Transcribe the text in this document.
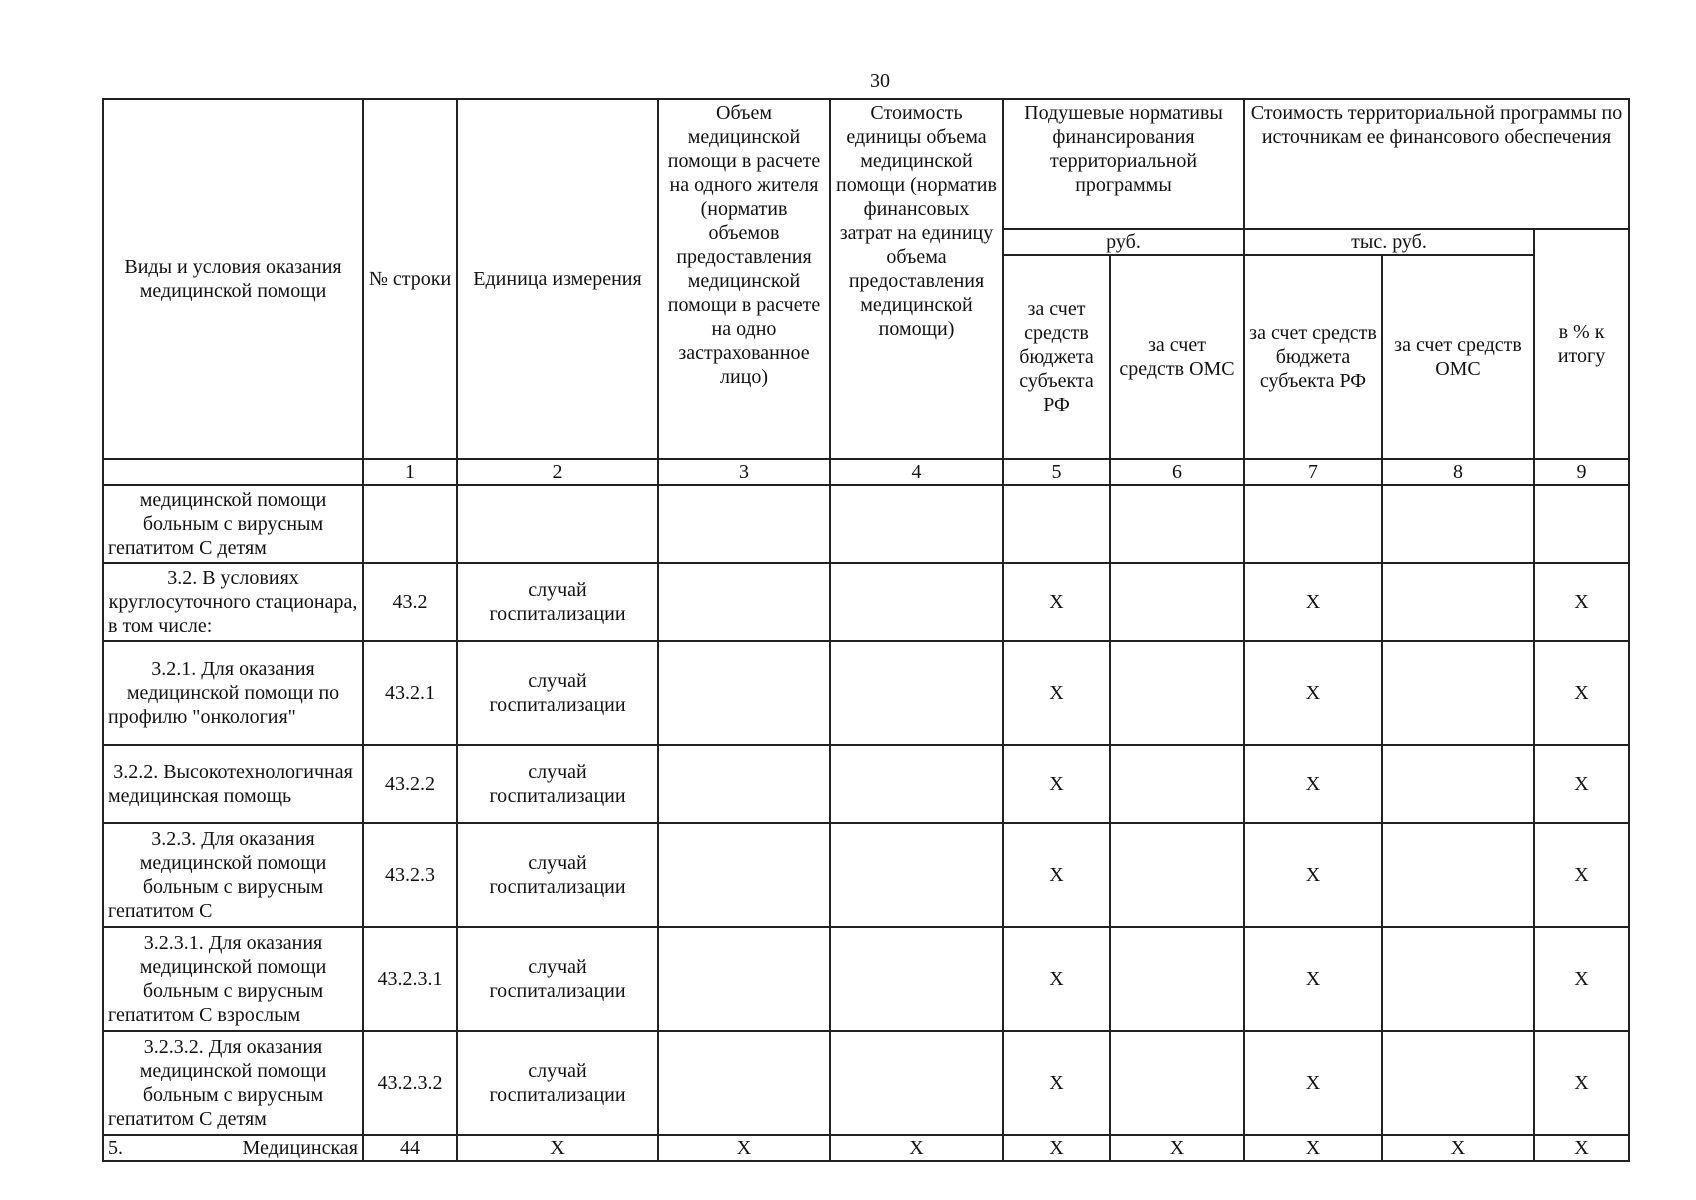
30
Виды и условия оказания медицинской помощи	№ строки	Единица измерения	Объем медицинской помощи в расчете на одного жителя (норматив объемов предоставления медицинской помощи в расчете на одно застрахованное лицо)	Стоимость единицы объема медицинской помощи (норматив финансовых затрат на единицу объема предоставления медицинской помощи)	Подушевые нормативы финансирования территориальной программы		Стоимость территориальной программы по источникам ее финансового обеспечения		
					руб.		тыс. руб.		в % к итогу
					за счет средств бюджета субъекта РФ	за счет средств ОМС	за счет средств бюджета субъекта РФ	за счет средств ОМС	
	1	2	3	4	5	6	7	8	9
медицинской помощи больным с вирусным гепатитом С детям									
3.2. В условиях круглосуточного стационара, в том числе:	43.2	случай госпитализации			Х		Х		Х
3.2.1. Для оказания медицинской помощи по профилю "онкология"	43.2.1	случай госпитализации			Х		Х		Х
3.2.2. Высокотехнологичная медицинская помощь	43.2.2	случай госпитализации			Х		Х		Х
3.2.3. Для оказания медицинской помощи больным с вирусным гепатитом С	43.2.3	случай госпитализации			Х		Х		Х
3.2.3.1. Для оказания медицинской помощи больным с вирусным гепатитом С взрослым	43.2.3.1	случай госпитализации			Х		Х		Х
3.2.3.2. Для оказания медицинской помощи больным с вирусным гепатитом С детям	43.2.3.2	случай госпитализации			Х		Х		Х
5. Медицинская	44	Х	Х	Х	Х	Х	Х	Х	Х
